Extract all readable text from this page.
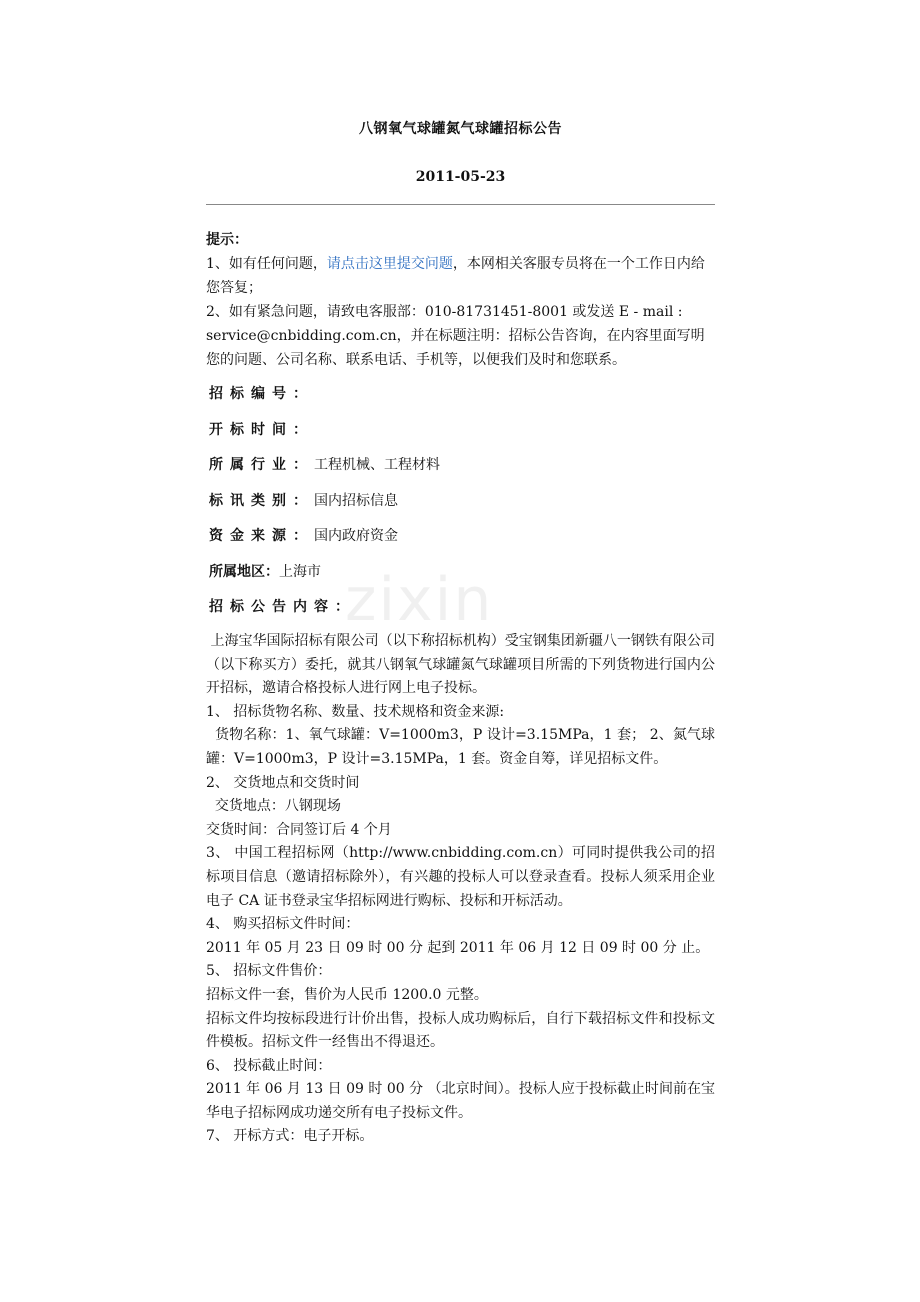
zixin
八钢氧气球罐氮气球罐招标公告
2011-05-23
提示：
1、如有任何问题，请点击这里提交问题，本网相关客服专员将在一个工作日内给您答复；
2、如有紧急问题，请致电客服部：010-81731451-8001 或发送 E - mail : service@cnbidding.com.cn，并在标题注明：招标公告咨询，在内容里面写明您的问题、公司名称、联系电话、手机等，以便我们及时和您联系。
招标编号：
开标时间：
所属行业：工程机械、工程材料
标讯类别：国内招标信息
资金来源：国内政府资金
所属地区：上海市
招标公告内容：

上海宝华国际招标有限公司（以下称招标机构）受宝钢集团新疆八一钢铁有限公司（以下称买方）委托，就其八钢氧气球罐氮气球罐项目所需的下列货物进行国内公开招标，邀请合格投标人进行网上电子投标。

1、 招标货物名称、数量、技术规格和资金来源:

货物名称：1、氧气球罐：V=1000m3，P 设计=3.15MPa，1 套； 2、氮气球罐：V=1000m3，P 设计=3.15MPa，1 套。资金自筹，详见招标文件。

2、 交货地点和交货时间

交货地点：八钢现场

交货时间：合同签订后 4 个月

3、 中国工程招标网（http://www.cnbidding.com.cn）可同时提供我公司的招标项目信息（邀请招标除外），有兴趣的投标人可以登录查看。投标人须采用企业电子 CA 证书登录宝华招标网进行购标、投标和开标活动。

4、 购买招标文件时间：

2011 年 05 月 23 日 09 时 00 分 起到 2011 年 06 月 12 日 09 时 00 分 止。

5、 招标文件售价：

招标文件一套，售价为人民币 1200.0 元整。

招标文件均按标段进行计价出售，投标人成功购标后，自行下载招标文件和投标文件模板。招标文件一经售出不得退还。

6、 投标截止时间：

2011 年 06 月 13 日 09 时 00 分 （北京时间）。投标人应于投标截止时间前在宝华电子招标网成功递交所有电子投标文件。

7、 开标方式：电子开标。
